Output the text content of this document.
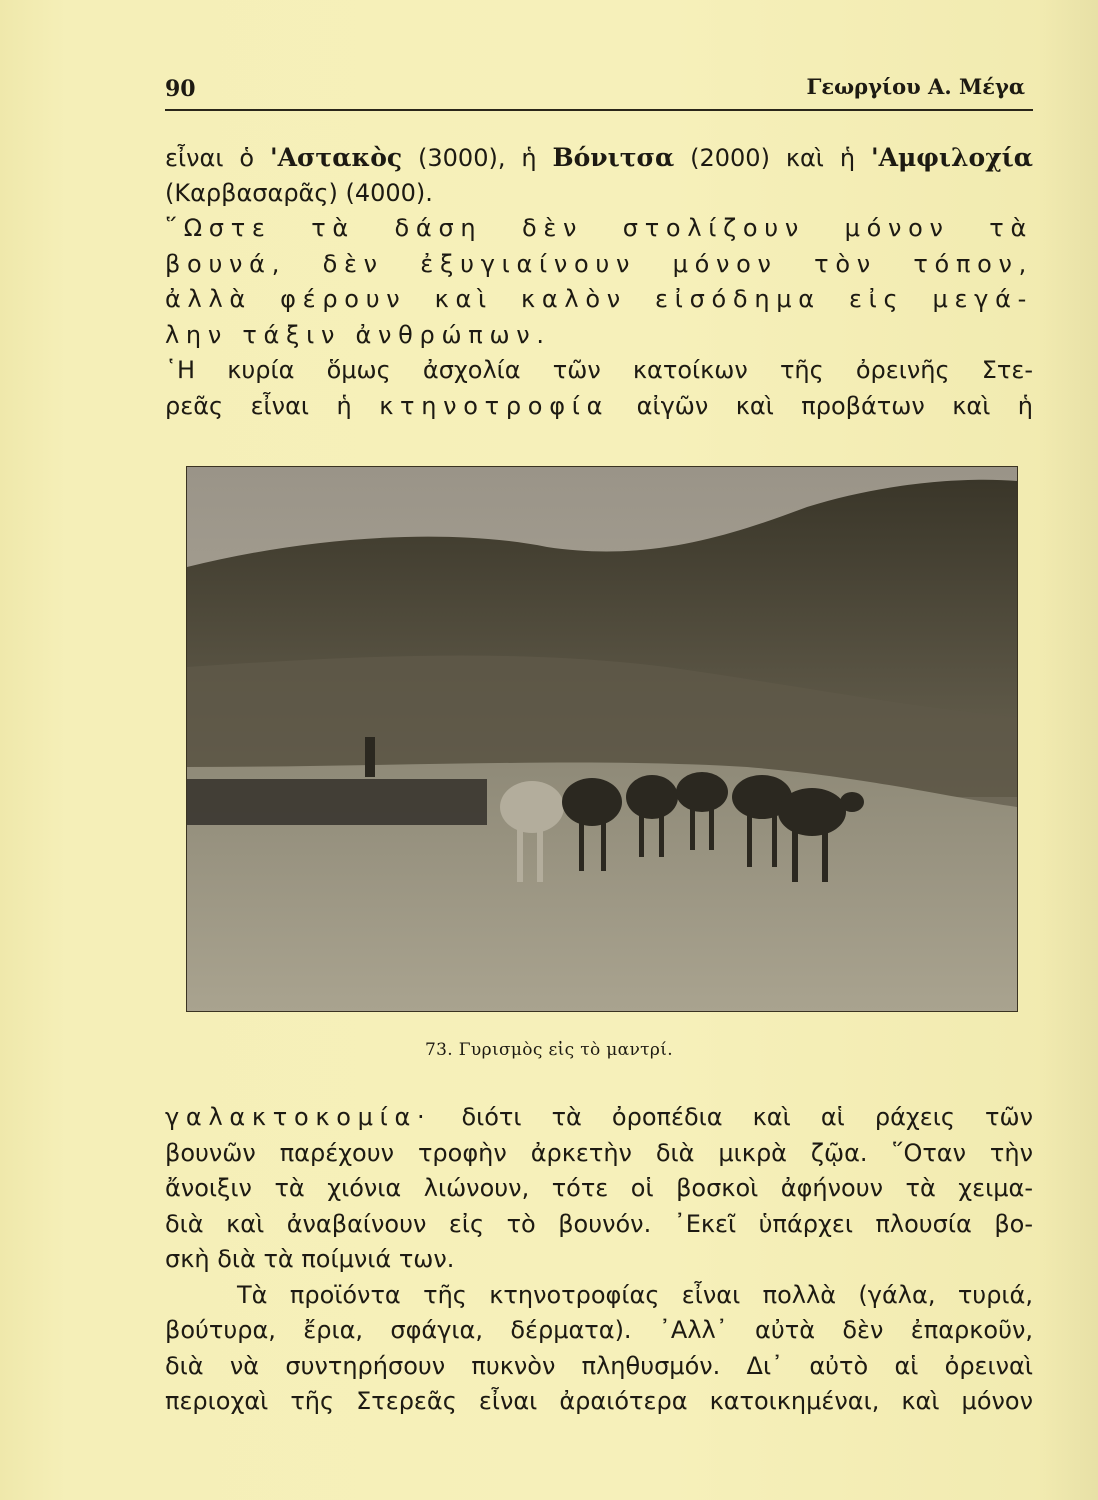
90	Γεωργίου Α. Μέγα
εἶναι ὁ 'Αστακὸς (3000), ἡ Βόνιτσα (2000) καὶ ἡ 'Αμφιλοχία
(Καρβασαρᾶς) (4000).
῞Ωστε τὰ δάση δὲν στολίζουν μόνον τὰ
βουνά, δὲν ἐξυγιαίνουν μόνον τὸν τόπον,
ἀλλὰ φέρουν καὶ καλὸν εἰσόδημα εἰς μεγά-
λην τάξιν ἀνθρώπων.
῾Η κυρία ὅμως ἀσχολία τῶν κατοίκων τῆς ὀρεινῆς Στε-
ρεᾶς εἶναι ἡ κτηνοτροφία αἰγῶν καὶ προβάτων καὶ ἡ
73. Γυρισμὸς εἰς τὸ μαντρί.
γαλακτοκομία· διότι τὰ ὀροπέδια καὶ αἱ ράχεις τῶν
βουνῶν παρέχουν τροφὴν ἀρκετὴν διὰ μικρὰ ζῷα. ῞Οταν τὴν
ἄνοιξιν τὰ χιόνια λιώνουν, τότε οἱ βοσκοὶ ἀφήνουν τὰ χειμα-
διὰ καὶ ἀναβαίνουν εἰς τὸ βουνόν. ᾿Εκεῖ ὑπάρχει πλουσία βο-
σκὴ διὰ τὰ ποίμνιά των.
Τὰ προϊόντα τῆς κτηνοτροφίας εἶναι πολλὰ (γάλα, τυριά,
βούτυρα, ἔρια, σφάγια, δέρματα). ᾿Αλλ᾿ αὐτὰ δὲν ἐπαρκοῦν,
διὰ νὰ συντηρήσουν πυκνὸν πληθυσμόν. Δι᾿ αὐτὸ αἱ ὀρειναὶ
περιοχαὶ τῆς Στερεᾶς εἶναι ἀραιότερα κατοικημέναι, καὶ μόνον
